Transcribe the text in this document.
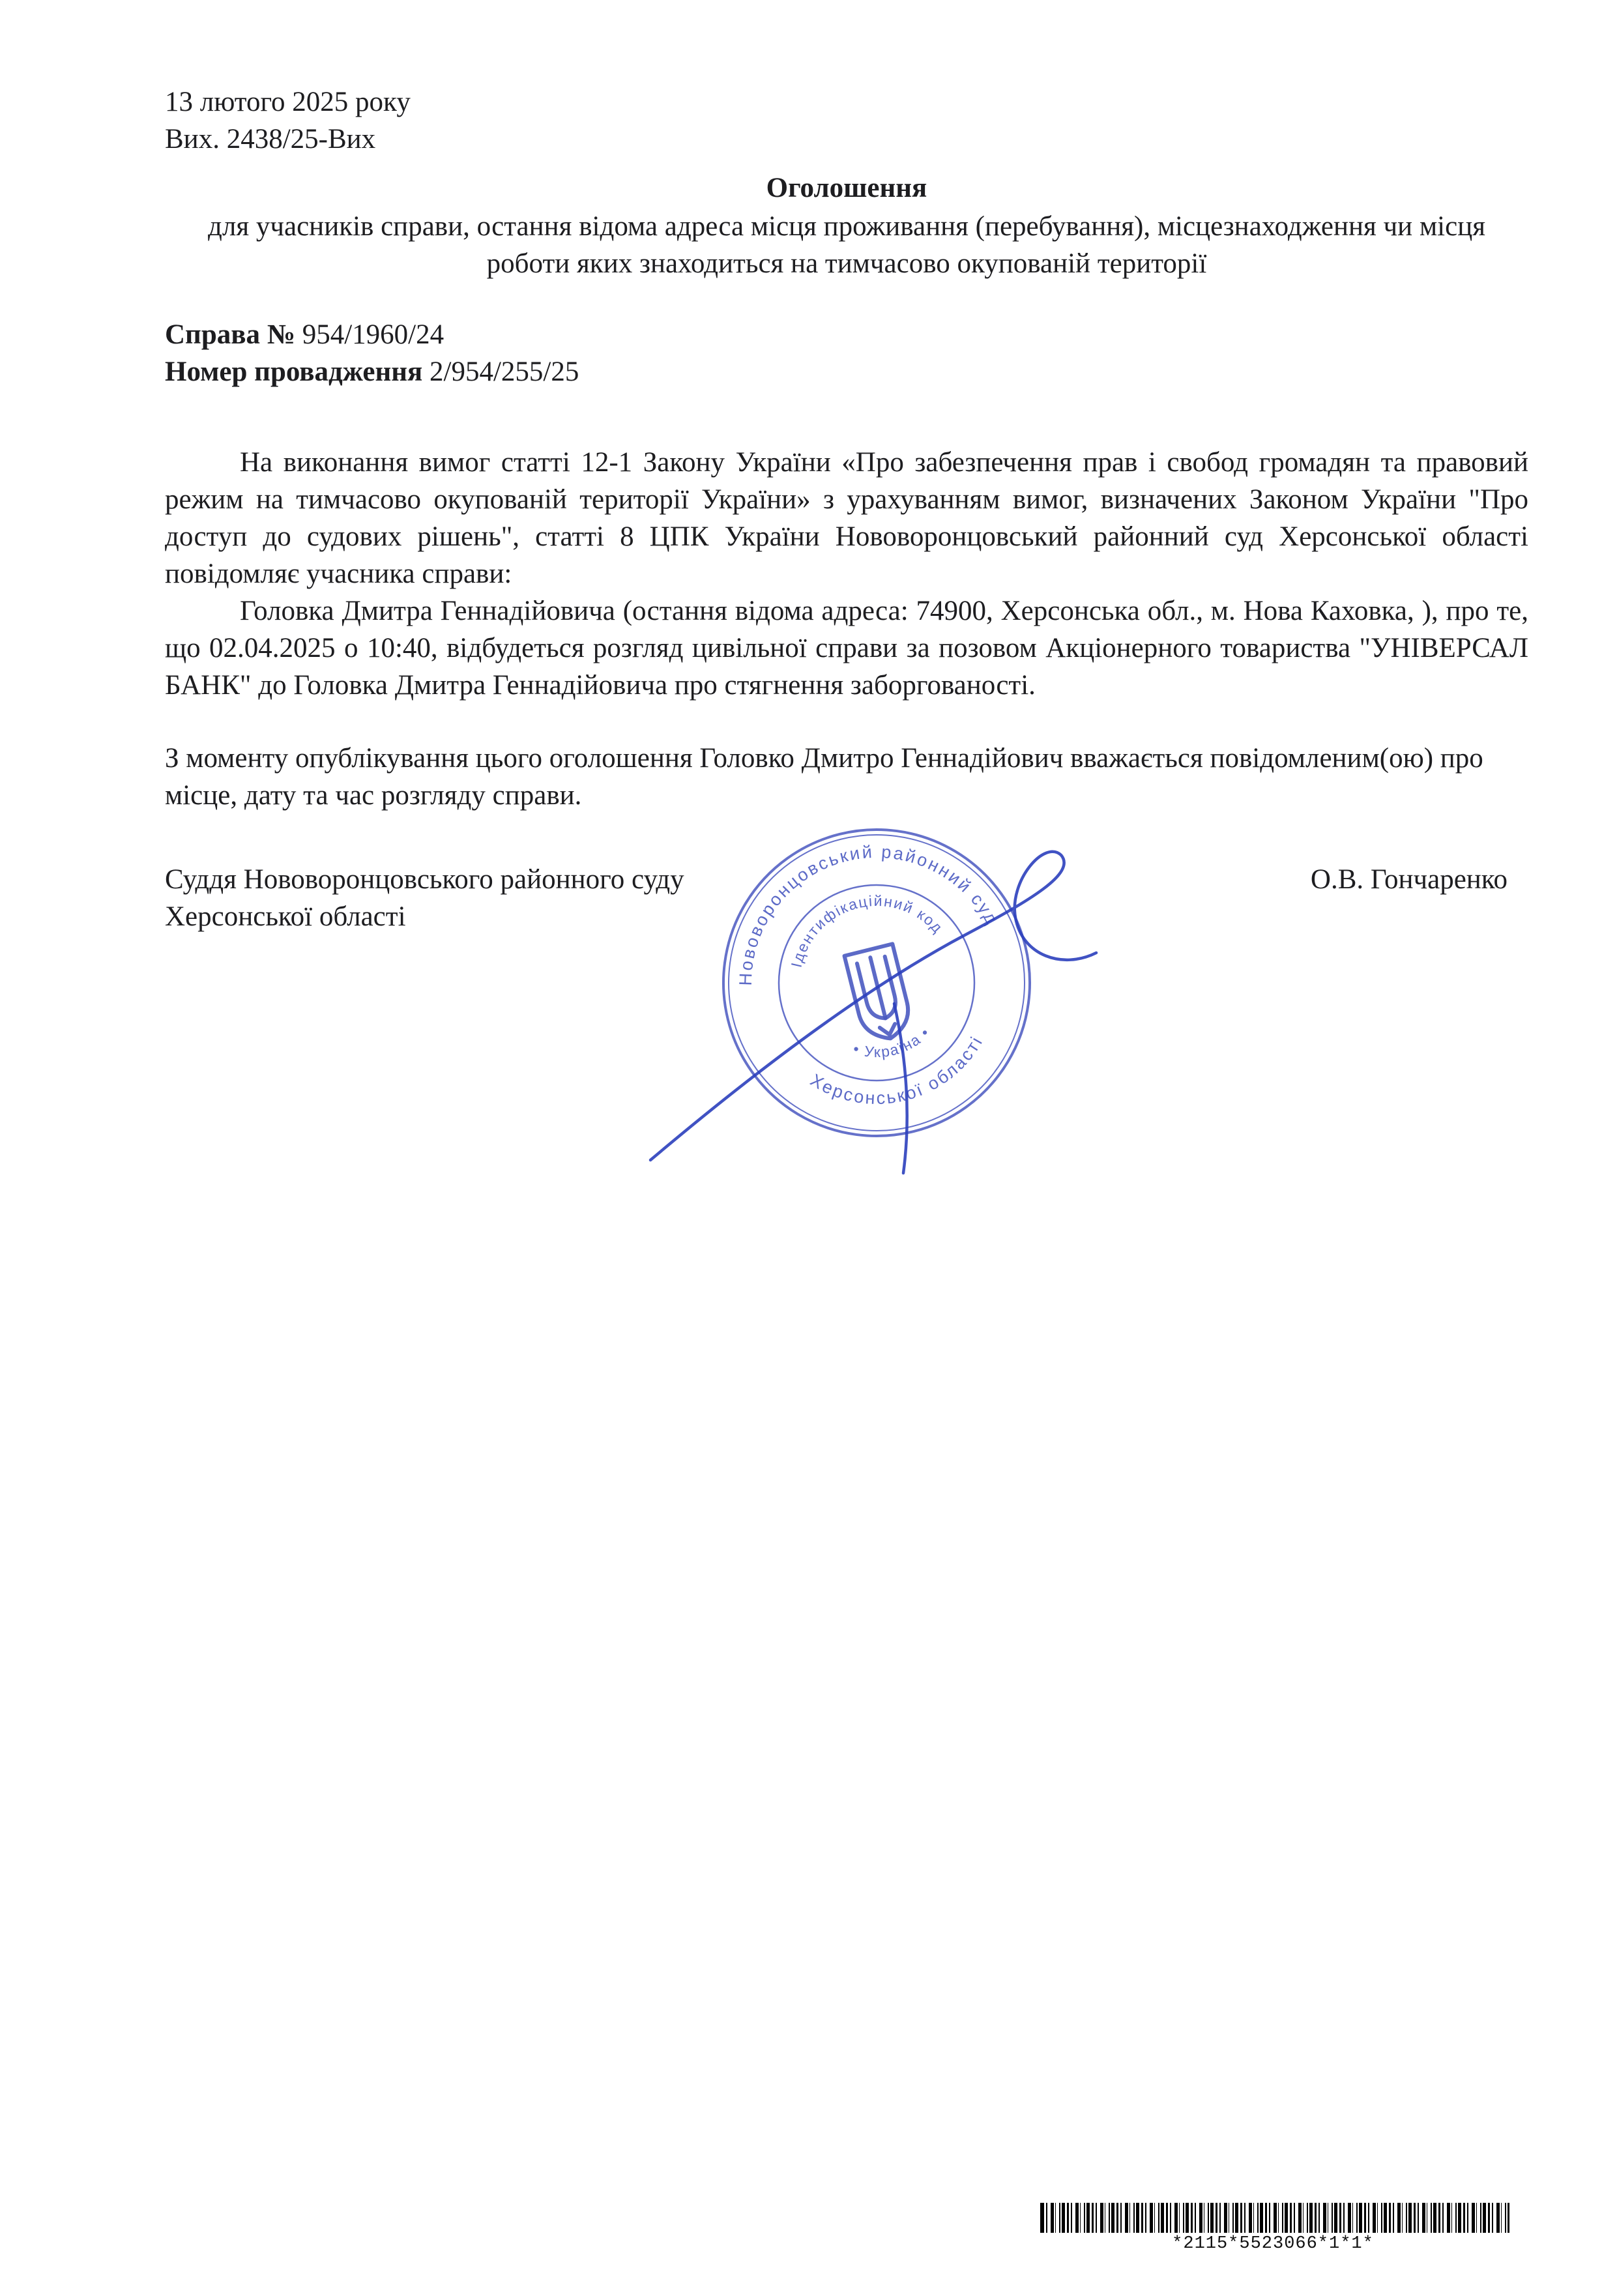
13 лютого 2025 року
Вих. 2438/25-Вих
Оголошення
для учасників справи, остання відома адреса місця проживання (перебування), місцезнаходження чи місця роботи яких знаходиться на тимчасово окупованій території
Справа № 954/1960/24
Номер провадження 2/954/255/25

На виконання вимог статті 12-1 Закону України «Про забезпечення прав і свобод громадян та правовий режим на тимчасово окупованій території України» з урахуванням вимог, визначених Законом України "Про доступ до судових рішень", статті 8 ЦПК України Нововоронцовський районний суд Херсонської області повідомляє учасника справи:

Головка Дмитра Геннадійовича (остання відома адреса: 74900, Херсонська обл., м. Нова Каховка, ), про те, що 02.04.2025 о 10:40, відбудеться розгляд цивільної справи за позовом Акціонерного товариства "УНІВЕРСАЛ БАНК" до Головка Дмитра Геннадійовича про стягнення заборгованості.

З моменту опублікування цього оголошення Головко Дмитро Геннадійович вважається повідомленим(ою) про місце, дату та час розгляду справи.

Суддя Нововоронцовського районного суду
Херсонської області
О.В. Гончаренко
Нововоронцовський районний суд
Херсонської області
Ідентифікаційний код
• Україна •
*2115*5523066*1*1*
